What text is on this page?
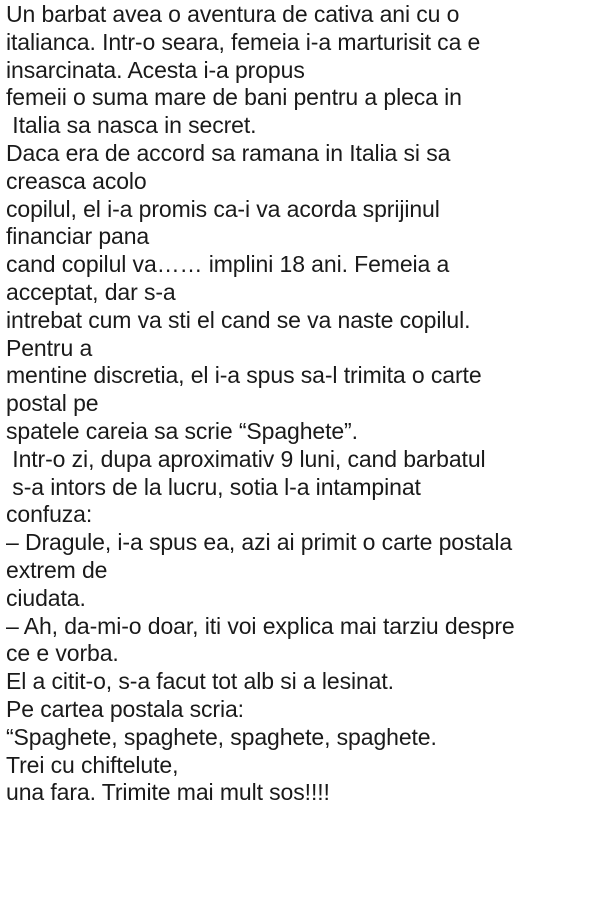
Un barbat avea o aventura de cativa ani cu o
italianca. Intr-o seara, femeia i-a marturisit ca e
insarcinata. Acesta i-a propus
femeii o suma mare de bani pentru a pleca in
Italia sa nasca in secret.
Daca era de accord sa ramana in Italia si sa
creasca acolo
copilul, el i-a promis ca-i va acorda sprijinul
financiar pana
cand copilul va…… implini 18 ani. Femeia a
acceptat, dar s-a
intrebat cum va sti el cand se va naste copilul.
Pentru a
mentine discretia, el i-a spus sa-l trimita o carte
postal pe
spatele careia sa scrie “Spaghete”.
Intr-o zi, dupa aproximativ 9 luni, cand barbatul
s-a intors de la lucru, sotia l-a intampinat
confuza:
– Dragule, i-a spus ea, azi ai primit o carte postala
extrem de
ciudata.
– Ah, da-mi-o doar, iti voi explica mai tarziu despre
ce e vorba.
El a citit-o, s-a facut tot alb si a lesinat.
Pe cartea postala scria:
“Spaghete, spaghete, spaghete, spaghete.
Trei cu chiftelute,
una fara. Trimite mai mult sos!!!!
